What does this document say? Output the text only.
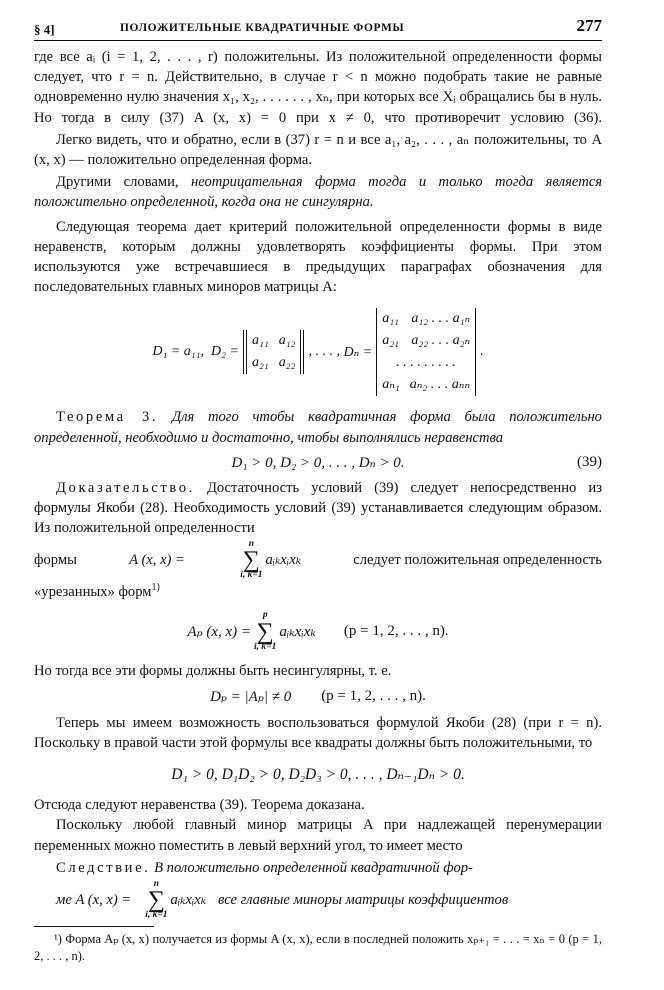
§ 4]	ПОЛОЖИТЕЛЬНЫЕ КВАДРАТИЧНЫЕ ФОРМЫ	277

где все aᵢ (i = 1, 2, . . . , r) положительны. Из положительной определенности формы следует, что r = n. Действительно, в случае r < n можно подобрать такие не равные одновременно нулю значения x₁, x₂, . . . . . . , xₙ, при которых все Xᵢ обращались бы в нуль. Но тогда в силу (37) A (x, x) = 0 при x ≠ 0, что противоречит условию (36).

Легко видеть, что и обратно, если в (37) r = n и все a₁, a₂, . . . , aₙ положительны, то A (x, x) — положительно определенная форма.

Другими словами, неотрицательная форма тогда и только тогда является положительно определенной, когда она не сингулярна.

Следующая теорема дает критерий положительной определенности формы в виде неравенств, которым должны удовлетворять коэффициенты формы. При этом используются уже встречавшиеся в предыдущих параграфах обозначения для последовательных главных миноров матрицы A:

D₁ = a₁₁,
D₂ =
a₁₁ a₁₂
a₂₁ a₂₂
, . . . ,
Dₙ =
a₁₁ a₁₂ . . . a₁ₙ
a₂₁ a₂₂ . . . a₂ₙ
. . . . . . . . .
aₙ₁ aₙ₂ . . . aₙₙ
.

Теорема 3. Для того чтобы квадратичная форма была положительно определенной, необходимо и достаточно, чтобы выполнялись неравенства

D₁ > 0, D₂ > 0, . . . , Dₙ > 0.	(39)

Доказательство. Достаточность условий (39) следует непосредственно из формулы Якоби (28). Необходимость условий (39) устанавливается следующим образом. Из положительной определенности

формы	A (x, x) =
n
∑
i, k=1
aᵢₖxᵢxₖ	следует положительная определенность

«урезанных» форм$^{1)}$

Aₚ (x, x) =
p
∑
i, k=1
aᵢₖxᵢxₖ (p = 1, 2, . . . , n).

Но тогда все эти формы должны быть несингулярны, т. е.

Dₚ = |Aₚ| ≠ 0 (p = 1, 2, . . . , n).

Теперь мы имеем возможность воспользоваться формулой Якоби (28) (при r = n). Поскольку в правой части этой формулы все квадраты должны быть положительными, то

D₁ > 0, D₁D₂ > 0, D₂D₃ > 0, . . . , Dₙ₋₁Dₙ > 0.

Отсюда следуют неравенства (39). Теорема доказана.

Поскольку любой главный минор матрицы A при надлежащей перенумерации переменных можно поместить в левый верхний угол, то имеет место

Следствие. В положительно определенной квадратичной фор-

ме A (x, x) =
n
∑
i, k=1
aᵢₖxᵢxₖ все главные миноры матрицы коэффициентов

¹) Форма Aₚ (x, x) получается из формы A (x, x), если в последней положить xₚ₊₁ = . . . = xₙ = 0 (p = 1, 2, . . . , n).
